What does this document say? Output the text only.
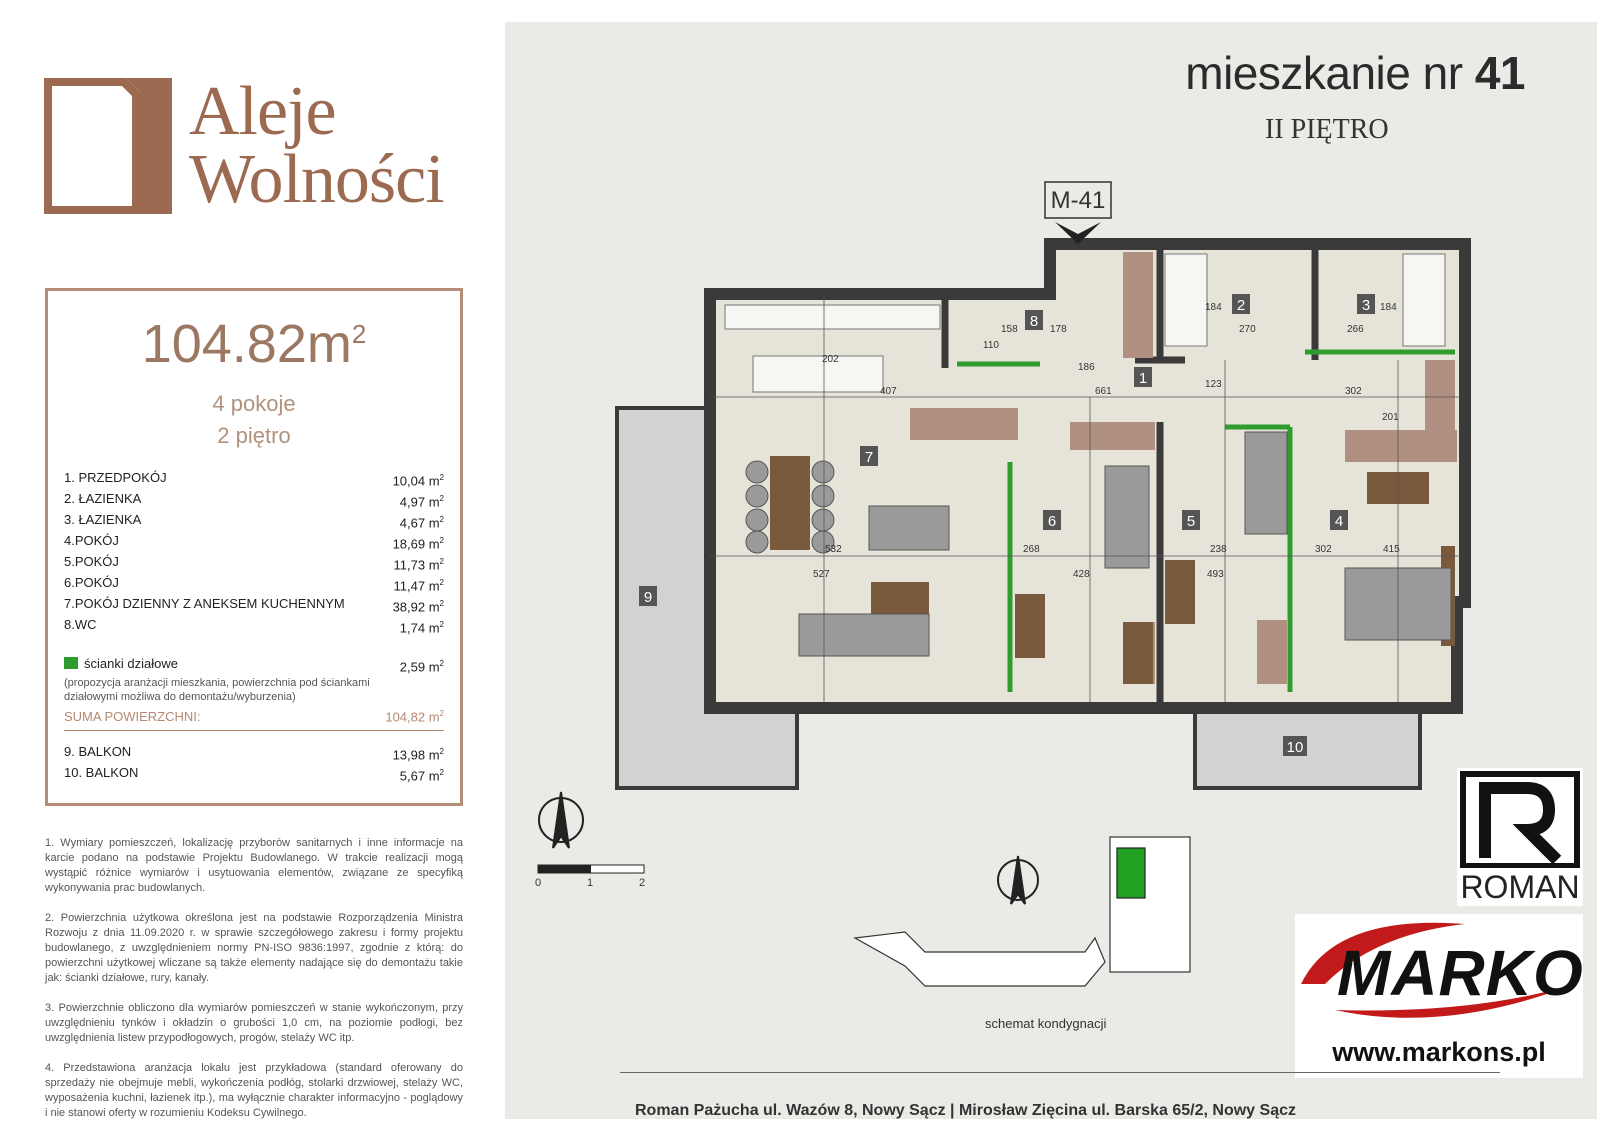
Aleje
Wolności
$104.82m^2$
4 pokoje
2 piętro
1. PRZEDPOKÓJ	10,04 $m^2$
2. ŁAZIENKA	4,97 $m^2$
3. ŁAZIENKA	4,67 $m^2$
4.POKÓJ	18,69 $m^2$
5.POKÓJ	11,73 $m^2$
6.POKÓJ	11,47 $m^2$
7.POKÓJ DZIENNY Z ANEKSEM KUCHENNYM	38,92 $m^2$
8.WC	1,74 $m^2$
ścianki działowe	2,59 $m^2$
(propozycja aranżacji mieszkania, powierzchnia pod ściankami działowymi możliwa do demontażu/wyburzenia)
SUMA POWIERZCHNI:	104,82 $m^2$
9. BALKON	13,98 $m^2$
10. BALKON	5,67 $m^2$

1. Wymiary pomieszczeń, lokalizację przyborów sanitarnych i inne informacje na karcie podano na podstawie Projektu Budowlanego. W trakcie realizacji mogą wystąpić różnice wymiarów i usytuowania elementów, związane ze specyfiką wykonywania prac budowlanych.

2. Powierzchnia użytkowa określona jest na podstawie Rozporządzenia Ministra Rozwoju z dnia 11.09.2020 r. w sprawie szczegółowego zakresu i formy projektu budowlanego, z uwzględnieniem normy PN-ISO 9836:1997, zgodnie z którą: do powierzchni użytkowej wliczane są także elementy nadające się do demontażu takie jak: ścianki działowe, rury, kanały.

3. Powierzchnie obliczono dla wymiarów pomieszczeń w stanie wykończonym, przy uwzględnieniu tynków i okładzin o grubości 1,0 cm, na poziomie podłogi, bez uwzględnienia listew przypodłogowych, progów, stelaży WC itp.

4. Przedstawiona aranżacja lokalu jest przykładowa (standard oferowany do sprzedaży nie obejmuje mebli, wykończenia podłóg, stolarki drzwiowej, stelaży WC, wyposażenia kuchni, łazienek itp.), ma wyłącznie charakter informacyjno - poglądowy i nie stanowi oferty w rozumieniu Kodeksu Cywilnego.

mieszkanie nr 41
II PIĘTRO
M-41
1
2	3
4
5
6
7
8
9
10
158	178
110
202
407
186
661
123
184
270
184
266
302
201
532
527
268
428
238
493
302	415
0	1	2
schemat kondygnacji
ROMAN
MARKO
www.markons.pl
Roman Pażucha ul. Wazów 8, Nowy Sącz | Mirosław Zięcina ul. Barska 65/2, Nowy Sącz
